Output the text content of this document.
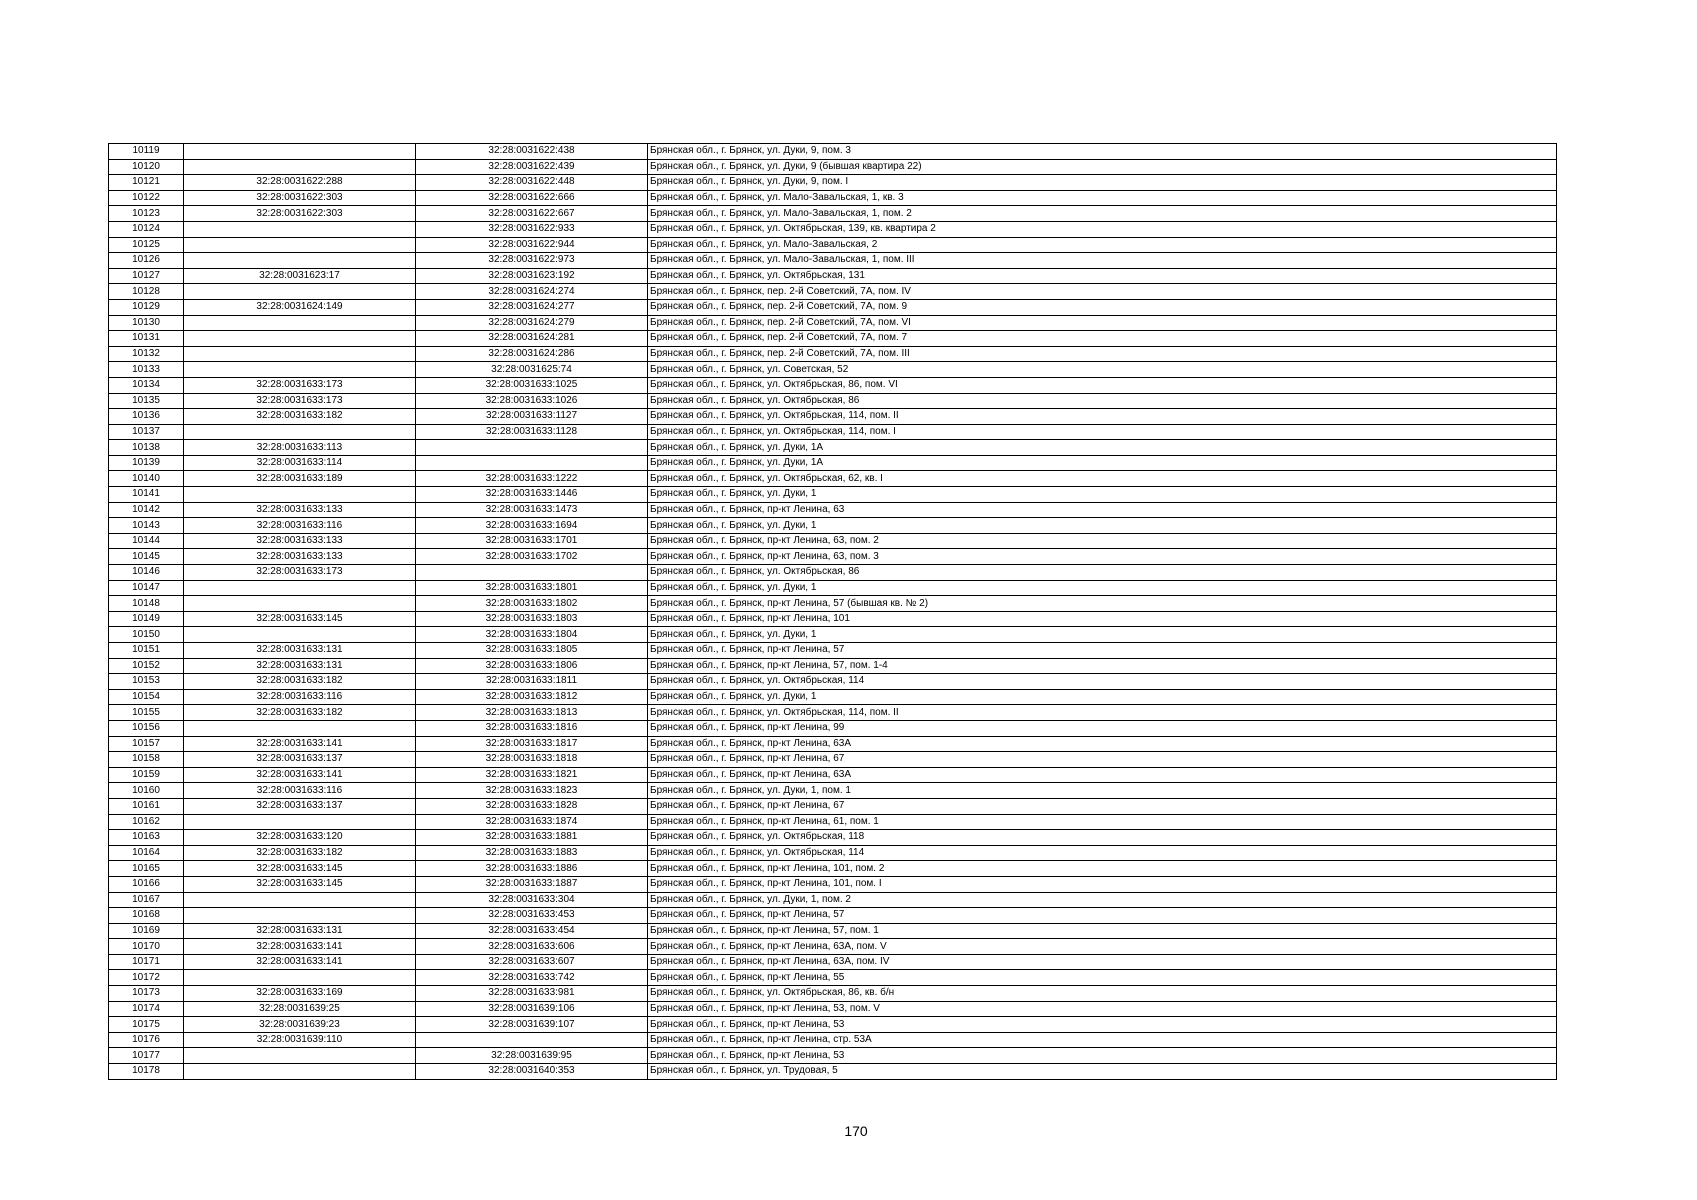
10119		32:28:0031622:438	Брянская обл., г. Брянск, ул. Дуки, 9, пом. 3
10120		32:28:0031622:439	Брянская обл., г. Брянск, ул. Дуки, 9 (бывшая квартира 22)
10121	32:28:0031622:288	32:28:0031622:448	Брянская обл., г. Брянск, ул. Дуки, 9, пом. I
10122	32:28:0031622:303	32:28:0031622:666	Брянская обл., г. Брянск, ул. Мало-Завальская, 1, кв. 3
10123	32:28:0031622:303	32:28:0031622:667	Брянская обл., г. Брянск, ул. Мало-Завальская, 1, пом. 2
10124		32:28:0031622:933	Брянская обл., г. Брянск, ул. Октябрьская, 139, кв. квартира 2
10125		32:28:0031622:944	Брянская обл., г. Брянск, ул. Мало-Завальская, 2
10126		32:28:0031622:973	Брянская обл., г. Брянск, ул. Мало-Завальская, 1, пом. III
10127	32:28:0031623:17	32:28:0031623:192	Брянская обл., г. Брянск, ул. Октябрьская, 131
10128		32:28:0031624:274	Брянская обл., г. Брянск, пер. 2-й Советский, 7А, пом. IV
10129	32:28:0031624:149	32:28:0031624:277	Брянская обл., г. Брянск, пер. 2-й Советский, 7А, пом. 9
10130		32:28:0031624:279	Брянская обл., г. Брянск, пер. 2-й Советский, 7А, пом. VI
10131		32:28:0031624:281	Брянская обл., г. Брянск, пер. 2-й Советский, 7А, пом. 7
10132		32:28:0031624:286	Брянская обл., г. Брянск, пер. 2-й Советский, 7А, пом. III
10133		32:28:0031625:74	Брянская обл., г. Брянск, ул. Советская, 52
10134	32:28:0031633:173	32:28:0031633:1025	Брянская обл., г. Брянск, ул. Октябрьская, 86, пом. VI
10135	32:28:0031633:173	32:28:0031633:1026	Брянская обл., г. Брянск, ул. Октябрьская, 86
10136	32:28:0031633:182	32:28:0031633:1127	Брянская обл., г. Брянск, ул. Октябрьская, 114, пом. II
10137		32:28:0031633:1128	Брянская обл., г. Брянск, ул. Октябрьская, 114, пом. I
10138	32:28:0031633:113		Брянская обл., г. Брянск, ул. Дуки, 1А
10139	32:28:0031633:114		Брянская обл., г. Брянск, ул. Дуки, 1А
10140	32:28:0031633:189	32:28:0031633:1222	Брянская обл., г. Брянск, ул. Октябрьская, 62, кв. I
10141		32:28:0031633:1446	Брянская обл., г. Брянск, ул. Дуки, 1
10142	32:28:0031633:133	32:28:0031633:1473	Брянская обл., г. Брянск, пр-кт Ленина, 63
10143	32:28:0031633:116	32:28:0031633:1694	Брянская обл., г. Брянск, ул. Дуки, 1
10144	32:28:0031633:133	32:28:0031633:1701	Брянская обл., г. Брянск, пр-кт Ленина, 63, пом. 2
10145	32:28:0031633:133	32:28:0031633:1702	Брянская обл., г. Брянск, пр-кт Ленина, 63, пом. 3
10146	32:28:0031633:173		Брянская обл., г. Брянск, ул. Октябрьская, 86
10147		32:28:0031633:1801	Брянская обл., г. Брянск, ул. Дуки, 1
10148		32:28:0031633:1802	Брянская обл., г. Брянск, пр-кт Ленина, 57 (бывшая кв. № 2)
10149	32:28:0031633:145	32:28:0031633:1803	Брянская обл., г. Брянск, пр-кт Ленина, 101
10150		32:28:0031633:1804	Брянская обл., г. Брянск, ул. Дуки, 1
10151	32:28:0031633:131	32:28:0031633:1805	Брянская обл., г. Брянск, пр-кт Ленина, 57
10152	32:28:0031633:131	32:28:0031633:1806	Брянская обл., г. Брянск, пр-кт Ленина, 57, пом. 1-4
10153	32:28:0031633:182	32:28:0031633:1811	Брянская обл., г. Брянск, ул. Октябрьская, 114
10154	32:28:0031633:116	32:28:0031633:1812	Брянская обл., г. Брянск, ул. Дуки, 1
10155	32:28:0031633:182	32:28:0031633:1813	Брянская обл., г. Брянск, ул. Октябрьская, 114, пом. II
10156		32:28:0031633:1816	Брянская обл., г. Брянск, пр-кт Ленина, 99
10157	32:28:0031633:141	32:28:0031633:1817	Брянская обл., г. Брянск, пр-кт Ленина, 63А
10158	32:28:0031633:137	32:28:0031633:1818	Брянская обл., г. Брянск, пр-кт Ленина, 67
10159	32:28:0031633:141	32:28:0031633:1821	Брянская обл., г. Брянск, пр-кт Ленина, 63А
10160	32:28:0031633:116	32:28:0031633:1823	Брянская обл., г. Брянск, ул. Дуки, 1, пом. 1
10161	32:28:0031633:137	32:28:0031633:1828	Брянская обл., г. Брянск, пр-кт Ленина, 67
10162		32:28:0031633:1874	Брянская обл., г. Брянск, пр-кт Ленина, 61, пом. 1
10163	32:28:0031633:120	32:28:0031633:1881	Брянская обл., г. Брянск, ул. Октябрьская, 118
10164	32:28:0031633:182	32:28:0031633:1883	Брянская обл., г. Брянск, ул. Октябрьская, 114
10165	32:28:0031633:145	32:28:0031633:1886	Брянская обл., г. Брянск, пр-кт Ленина, 101, пом. 2
10166	32:28:0031633:145	32:28:0031633:1887	Брянская обл., г. Брянск, пр-кт Ленина, 101, пом. I
10167		32:28:0031633:304	Брянская обл., г. Брянск, ул. Дуки, 1, пом. 2
10168		32:28:0031633:453	Брянская обл., г. Брянск, пр-кт Ленина, 57
10169	32:28:0031633:131	32:28:0031633:454	Брянская обл., г. Брянск, пр-кт Ленина, 57, пом. 1
10170	32:28:0031633:141	32:28:0031633:606	Брянская обл., г. Брянск, пр-кт Ленина, 63А, пом. V
10171	32:28:0031633:141	32:28:0031633:607	Брянская обл., г. Брянск, пр-кт Ленина, 63А, пом. IV
10172		32:28:0031633:742	Брянская обл., г. Брянск, пр-кт Ленина, 55
10173	32:28:0031633:169	32:28:0031633:981	Брянская обл., г. Брянск, ул. Октябрьская, 86, кв. б/н
10174	32:28:0031639:25	32:28:0031639:106	Брянская обл., г. Брянск, пр-кт Ленина, 53, пом. V
10175	32:28:0031639:23	32:28:0031639:107	Брянская обл., г. Брянск, пр-кт Ленина, 53
10176	32:28:0031639:110		Брянская обл., г. Брянск, пр-кт Ленина, стр. 53А
10177		32:28:0031639:95	Брянская обл., г. Брянск, пр-кт Ленина, 53
10178		32:28:0031640:353	Брянская обл., г. Брянск, ул. Трудовая, 5
170
